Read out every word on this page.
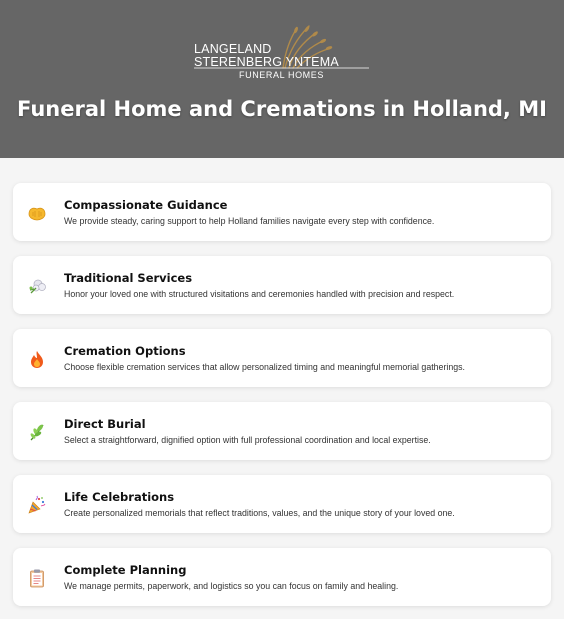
LANGELAND
STERENBERG YNTEMA
FUNERAL HOMES
Funeral Home and Cremations in Holland, MI
Compassionate Guidance
We provide steady, caring support to help Holland families navigate every step with confidence.
Traditional Services
Honor your loved one with structured visitations and ceremonies handled with precision and respect.
Cremation Options
Choose flexible cremation services that allow personalized timing and meaningful memorial gatherings.
Direct Burial
Select a straightforward, dignified option with full professional coordination and local expertise.
Life Celebrations
Create personalized memorials that reflect traditions, values, and the unique story of your loved one.
Complete Planning
We manage permits, paperwork, and logistics so you can focus on family and healing.
